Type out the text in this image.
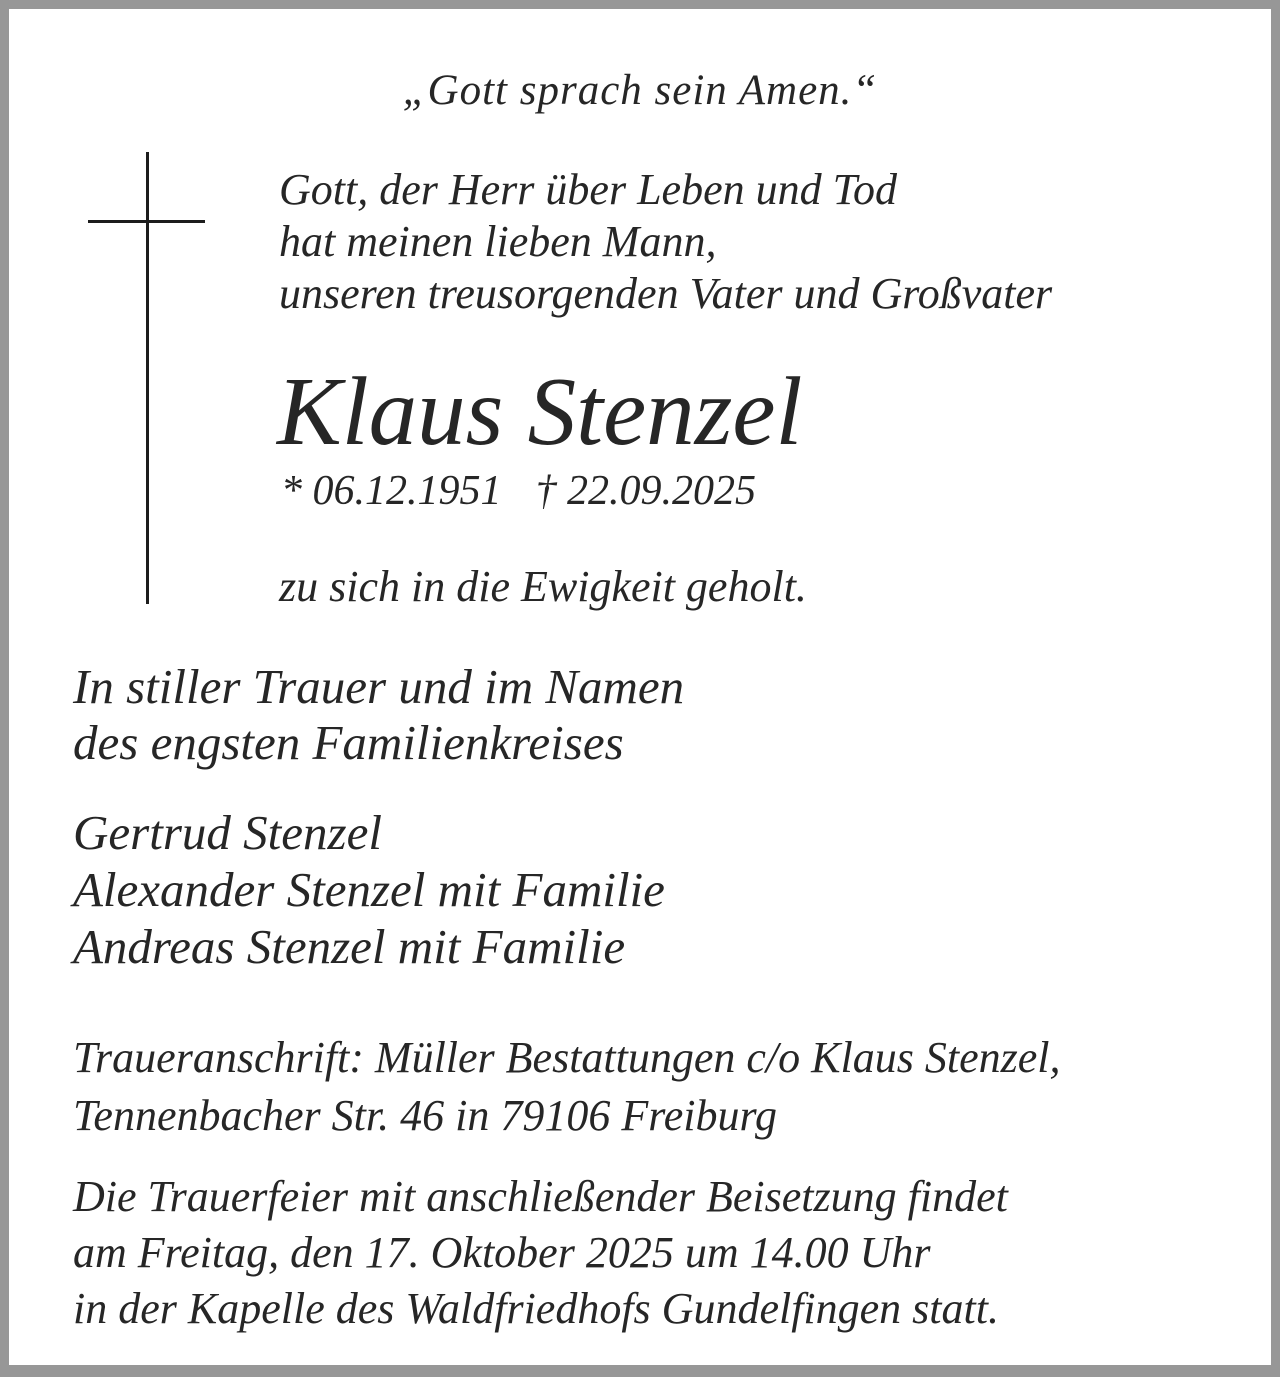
„Gott sprach sein Amen.“
Gott, der Herr über Leben und Tod
hat meinen lieben Mann,
unseren treusorgenden Vater und Großvater
Klaus Stenzel
* 06.12.1951 † 22.09.2025
zu sich in die Ewigkeit geholt.
In stiller Trauer und im Namen
des engsten Familienkreises
Gertrud Stenzel
Alexander Stenzel mit Familie
Andreas Stenzel mit Familie
Traueranschrift: Müller Bestattungen c/o Klaus Stenzel,
Tennenbacher Str. 46 in 79106 Freiburg
Die Trauerfeier mit anschließender Beisetzung findet
am Freitag, den 17. Oktober 2025 um 14.00 Uhr
in der Kapelle des Waldfriedhofs Gundelfingen statt.
